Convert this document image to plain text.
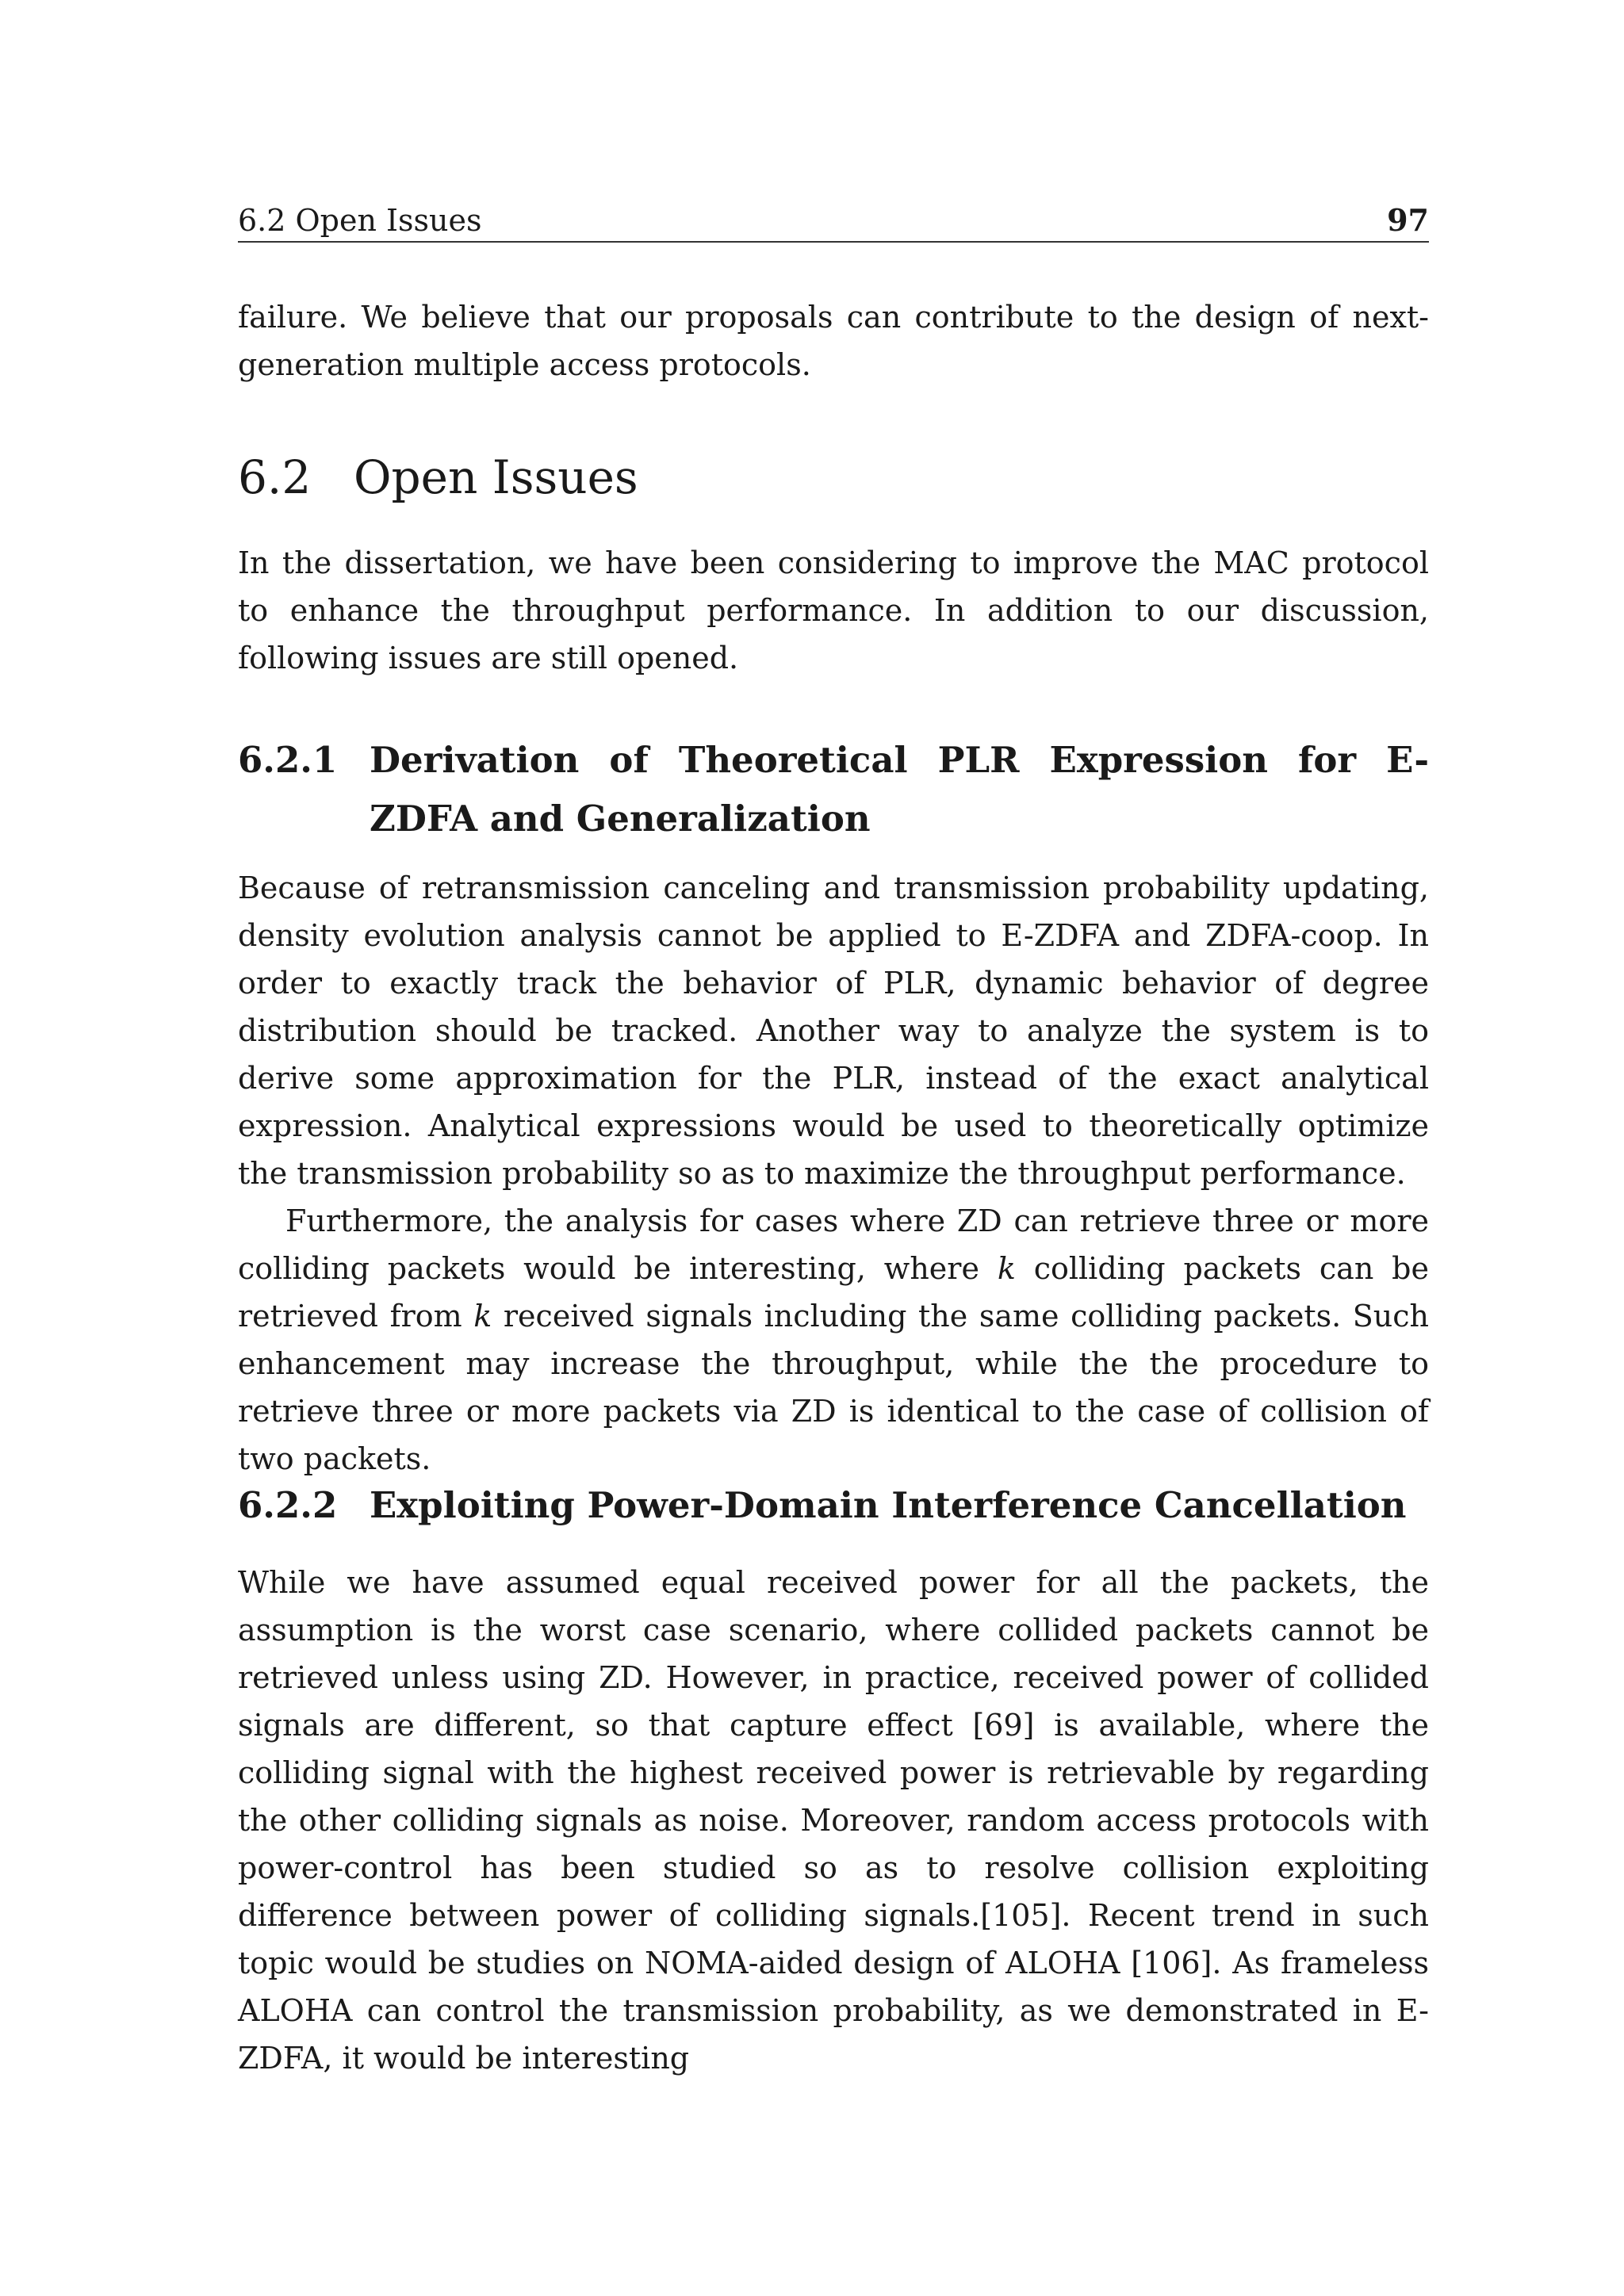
6.2 Open Issues	97

failure. We believe that our proposals can contribute to the design of next-generation multiple access protocols.

6.2 Open Issues

In the dissertation, we have been considering to improve the MAC protocol to enhance the throughput performance. In addition to our discussion, following issues are still opened.

6.2.1 Derivation of Theoretical PLR Expression for E-ZDFA and Generalization

Because of retransmission canceling and transmission probability updating, density evolution analysis cannot be applied to E-ZDFA and ZDFA-coop. In order to exactly track the behavior of PLR, dynamic behavior of degree distribution should be tracked. Another way to analyze the system is to derive some approximation for the PLR, instead of the exact analytical expression. Analytical expressions would be used to theoretically optimize the transmission probability so as to maximize the throughput performance.

Furthermore, the analysis for cases where ZD can retrieve three or more colliding packets would be interesting, where k colliding packets can be retrieved from k received signals including the same colliding packets. Such enhancement may increase the throughput, while the the procedure to retrieve three or more packets via ZD is identical to the case of collision of two packets.

6.2.2 Exploiting Power-Domain Interference Cancellation

While we have assumed equal received power for all the packets, the assumption is the worst case scenario, where collided packets cannot be retrieved unless using ZD. However, in practice, received power of collided signals are different, so that capture effect [69] is available, where the colliding signal with the highest received power is retrievable by regarding the other colliding signals as noise. Moreover, random access protocols with power-control has been studied so as to resolve collision exploiting difference between power of colliding signals.[105]. Recent trend in such topic would be studies on NOMA-aided design of ALOHA [106]. As frameless ALOHA can control the transmission probability, as we demonstrated in E-ZDFA, it would be interesting
